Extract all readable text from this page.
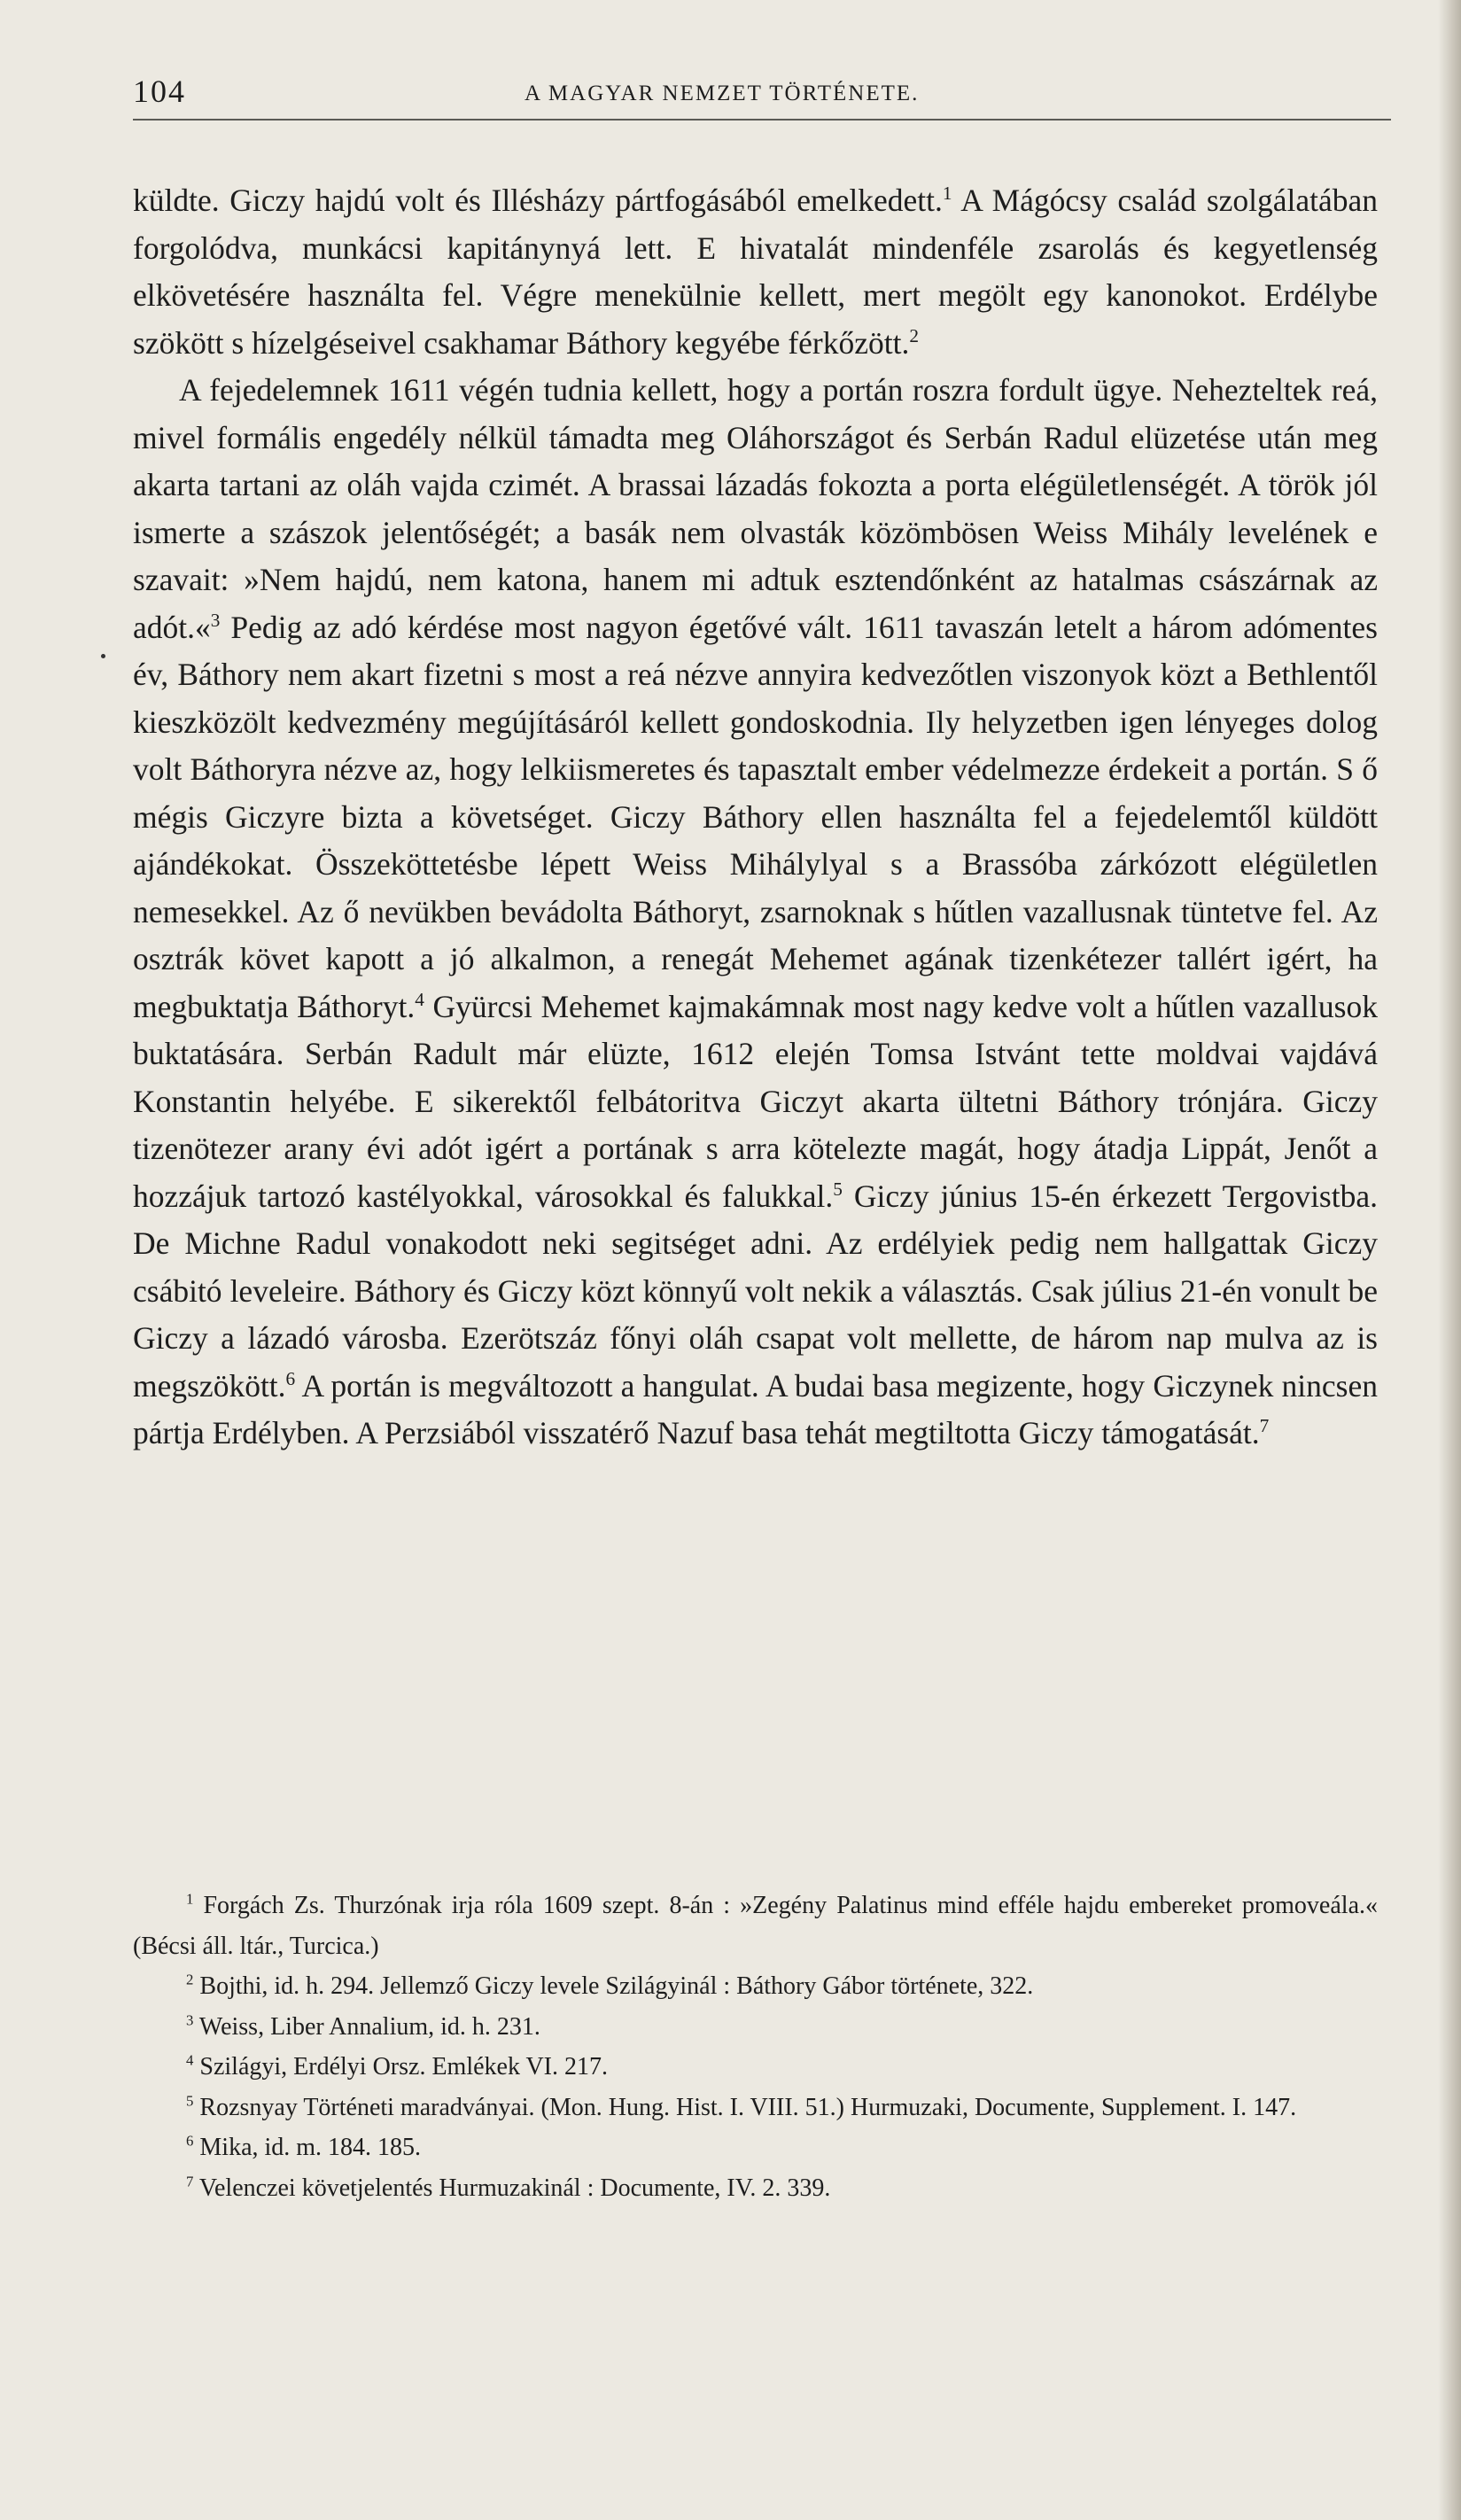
104	A MAGYAR NEMZET TÖRTÉNETE.

küldte. Giczy hajdú volt és Illésházy pártfogásából emelkedett.$^1$ A Mágócsy család szolgálatában forgolódva, munkácsi kapitánynyá lett. E hivatalát mindenféle zsarolás és kegyetlenség elkövetésére használta fel. Végre menekülnie kellett, mert megölt egy kanonokot. Erdélybe szökött s hízelgéseivel csakhamar Báthory kegyébe férkőzött.$^2$

A fejedelemnek 1611 végén tudnia kellett, hogy a portán roszra fordult ügye. Nehezteltek reá, mivel formális engedély nélkül támadta meg Oláhországot és Serbán Radul elüzetése után meg akarta tartani az oláh vajda czimét. A brassai lázadás fokozta a porta elégületlenségét. A török jól ismerte a szászok jelentőségét; a basák nem olvasták közömbösen Weiss Mihály levelének e szavait: »Nem hajdú, nem katona, hanem mi adtuk esztendőnként az hatalmas császárnak az adót.«$^3$ Pedig az adó kérdése most nagyon égetővé vált. 1611 tavaszán letelt a három adómentes év, Báthory nem akart fizetni s most a reá nézve annyira kedvezőtlen viszonyok közt a Bethlentől kieszközölt kedvezmény megújításáról kellett gondoskodnia. Ily helyzetben igen lényeges dolog volt Báthoryra nézve az, hogy lelkiismeretes és tapasztalt ember védelmezze érdekeit a portán. S ő mégis Giczyre bizta a követséget. Giczy Báthory ellen használta fel a fejedelemtől küldött ajándékokat. Összeköttetésbe lépett Weiss Mihálylyal s a Brassóba zárkózott elégületlen nemesekkel. Az ő nevükben bevádolta Báthoryt, zsarnoknak s hűtlen vazallusnak tüntetve fel. Az osztrák követ kapott a jó alkalmon, a renegát Mehemet agának tizenkétezer tallért igért, ha megbuktatja Báthoryt.$^4$ Gyürcsi Mehemet kajmakámnak most nagy kedve volt a hűtlen vazallusok buktatására. Serbán Radult már elüzte, 1612 elején Tomsa Istvánt tette moldvai vajdává Konstantin helyébe. E sikerektől felbátoritva Giczyt akarta ültetni Báthory trónjára. Giczy tizenötezer arany évi adót igért a portának s arra kötelezte magát, hogy átadja Lippát, Jenőt a hozzájuk tartozó kastélyokkal, városokkal és falukkal.$^5$ Giczy június 15-én érkezett Tergovistba. De Michne Radul vonakodott neki segitséget adni. Az erdélyiek pedig nem hallgattak Giczy csábitó leveleire. Báthory és Giczy közt könnyű volt nekik a választás. Csak július 21-én vonult be Giczy a lázadó városba. Ezerötszáz főnyi oláh csapat volt mellette, de három nap mulva az is megszökött.$^6$ A portán is megváltozott a hangulat. A budai basa megizente, hogy Giczynek nincsen pártja Erdélyben. A Perzsiából visszatérő Nazuf basa tehát megtiltotta Giczy támogatását.$^7$

$^1$ Forgách Zs. Thurzónak irja róla 1609 szept. 8-án : »Zegény Palatinus mind efféle hajdu embereket promoveála.« (Bécsi áll. ltár., Turcica.)

$^2$ Bojthi, id. h. 294. Jellemző Giczy levele Szilágyinál : Báthory Gábor története, 322.

$^3$ Weiss, Liber Annalium, id. h. 231.

$^4$ Szilágyi, Erdélyi Orsz. Emlékek VI. 217.

$^5$ Rozsnyay Történeti maradványai. (Mon. Hung. Hist. I. VIII. 51.) Hurmuzaki, Documente, Supplement. I. 147.

$^6$ Mika, id. m. 184. 185.

$^7$ Velenczei követjelentés Hurmuzakinál : Documente, IV. 2. 339.
